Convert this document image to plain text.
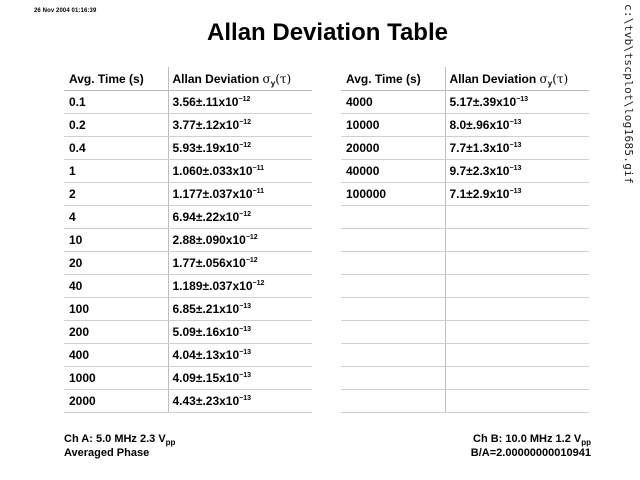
26 Nov 2004 01:16:39	c:\tvb\tscplot\log1685.gif
Allan Deviation Table
Avg. Time (s)	Allan Deviation $\sigma_y(\tau)$
0.1	$3.56\pm.11x10^{-12}$
0.2	$3.77\pm.12x10^{-12}$
0.4	$5.93\pm.19x10^{-12}$
1	$1.060\pm.033x10^{-11}$
2	$1.177\pm.037x10^{-11}$
4	$6.94\pm.22x10^{-12}$
10	$2.88\pm.090x10^{-12}$
20	$1.77\pm.056x10^{-12}$
40	$1.189\pm.037x10^{-12}$
100	$6.85\pm.21x10^{-13}$
200	$5.09\pm.16x10^{-13}$
400	$4.04\pm.13x10^{-13}$
1000	$4.09\pm.15x10^{-13}$
2000	$4.43\pm.23x10^{-13}$
Avg. Time (s)	Allan Deviation $\sigma_y(\tau)$
4000	$5.17\pm.39x10^{-13}$
10000	$8.0\pm.96x10^{-13}$
20000	$7.7\pm 1.3x10^{-13}$
40000	$9.7\pm 2.3x10^{-13}$
100000	$7.1\pm 2.9x10^{-13}$

Ch A: 5.0 MHz 2.3 $V_{pp}$
Averaged Phase
Ch B: 10.0 MHz 1.2 $V_{pp}$
B/A=2.00000000010941
